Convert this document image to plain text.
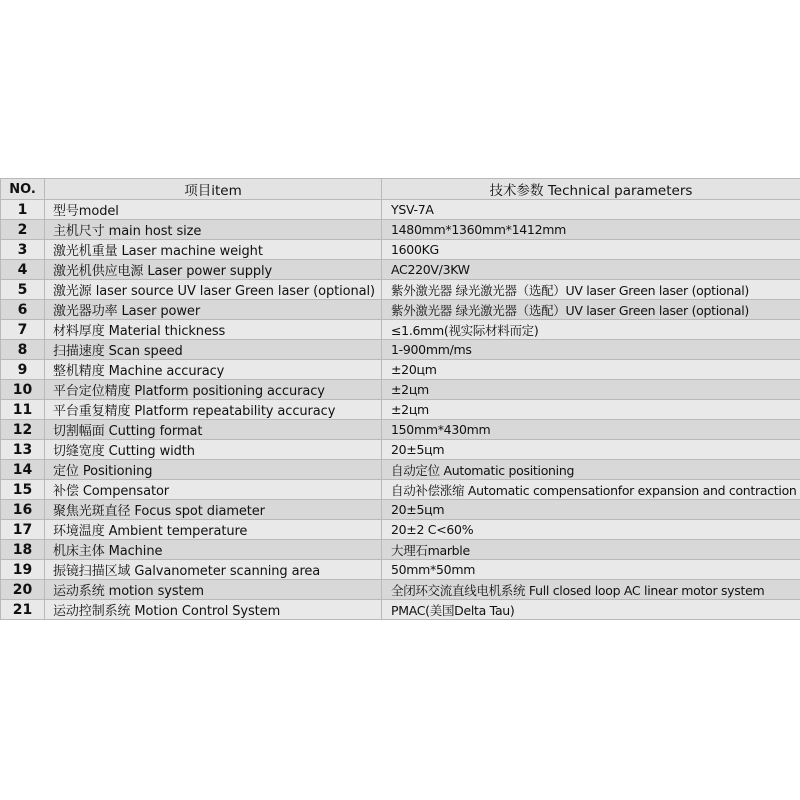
NO.	项目item	技术参数 Technical parameters
1	型号model	YSV-7A
2	主机尺寸 main host size	1480mm*1360mm*1412mm
3	激光机重量 Laser machine weight	1600KG
4	激光机供应电源 Laser power supply	AC220V/3KW
5	激光源 laser source UV laser Green laser (optional)	紫外激光器 绿光激光器（选配）UV laser Green laser (optional)
6	激光器功率 Laser power	紫外激光器 绿光激光器（选配）UV laser Green laser (optional)
7	材料厚度 Material thickness	≤1.6mm(视实际材料而定)
8	扫描速度 Scan speed	1-900mm/ms
9	整机精度 Machine accuracy	±20цm
10	平台定位精度 Platform positioning accuracy	±2цm
11	平台重复精度 Platform repeatability accuracy	±2цm
12	切割幅面 Cutting format	150mm*430mm
13	切缝宽度 Cutting width	20±5цm
14	定位 Positioning	自动定位 Automatic positioning
15	补偿 Compensator	自动补偿涨缩 Automatic compensationfor expansion and contraction
16	聚焦光斑直径 Focus spot diameter	20±5цm
17	环境温度 Ambient temperature	20±2 C<60%
18	机床主体 Machine	大理石marble
19	振镜扫描区域 Galvanometer scanning area	50mm*50mm
20	运动系统 motion system	全闭环交流直线电机系统 Full closed loop AC linear motor system
21	运动控制系统 Motion Control System	PMAC(美国Delta Tau)
